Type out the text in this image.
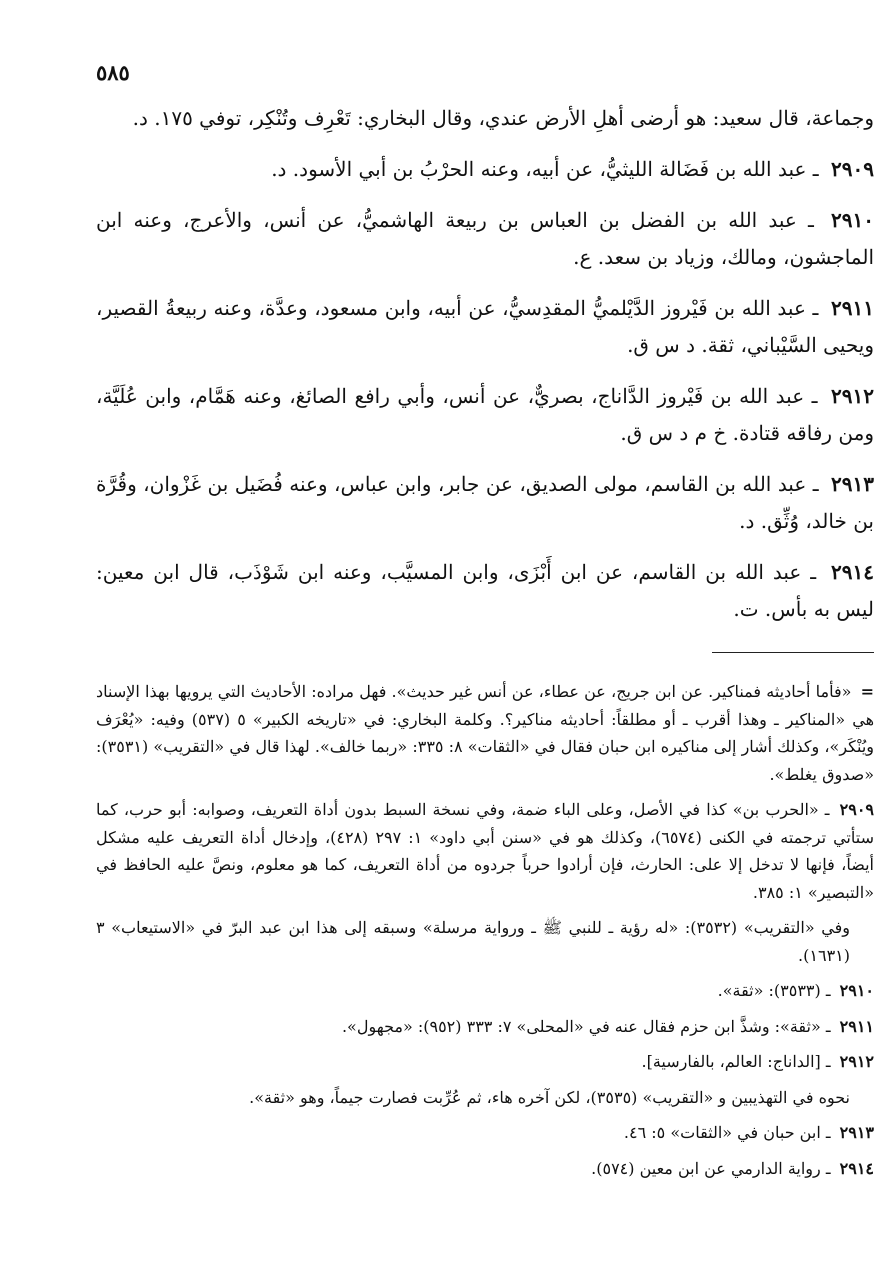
٥٨٥

وجماعة، قال سعيد: هو أرضى أهلِ الأرض عندي، وقال البخاري: تَعْرِف وتُنْكِر، توفي ١٧٥. د.

٢٩٠٩ ـ عبد الله بن فَضَالة الليثيُّ، عن أبيه، وعنه الحرْبُ بن أبي الأسود. د.

٢٩١٠ ـ عبد الله بن الفضل بن العباس بن ربيعة الهاشميُّ، عن أنس، والأعرج، وعنه ابن الماجشون، ومالك، وزياد بن سعد. ع.

٢٩١١ ـ عبد الله بن فَيْروز الدَّيْلميُّ المقدِسيُّ، عن أبيه، وابن مسعود، وعدَّة، وعنه ربيعةُ القصير، ويحيى السَّيْباني، ثقة. د س ق.

٢٩١٢ ـ عبد الله بن فَيْروز الدَّاناج، بصريٌّ، عن أنس، وأبي رافع الصائغ، وعنه هَمَّام، وابن عُلَيَّة، ومن رفاقه قتادة. خ م د س ق.

٢٩١٣ ـ عبد الله بن القاسم، مولى الصديق، عن جابر، وابن عباس، وعنه فُضَيل بن غَزْوان، وقُرَّة بن خالد، وُثِّق. د.

٢٩١٤ ـ عبد الله بن القاسم، عن ابن أَبْزَى، وابن المسيَّب، وعنه ابن شَوْذَب، قال ابن معين: ليس به بأس. ت.

= «فأما أحاديثه فمناكير. عن ابن جريج، عن عطاء، عن أنس غير حديث». فهل مراده: الأحاديث التي يرويها بهذا الإسناد هي «المناكير ـ وهذا أقرب ـ أو مطلقاً: أحاديثه مناكير؟. وكلمة البخاري: في «تاريخه الكبير» ٥ (٥٣٧) وفيه: «يُعْرَف ويُنْكَر»، وكذلك أشار إلى مناكيره ابن حبان فقال في «الثقات» ٨: ٣٣٥: «ربما خالف». لهذا قال في «التقريب» (٣٥٣١): «صدوق يغلط».

٢٩٠٩ ـ «الحرب بن» كذا في الأصل، وعلى الباء ضمة، وفي نسخة السبط بدون أداة التعريف، وصوابه: أبو حرب، كما ستأتي ترجمته في الكنى (٦٥٧٤)، وكذلك هو في «سنن أبي داود» ١: ٢٩٧ (٤٢٨)، وإدخال أداة التعريف عليه مشكل أيضاً، فإنها لا تدخل إلا على: الحارث، فإن أرادوا حرباً جردوه من أداة التعريف، كما هو معلوم، ونصَّ عليه الحافظ في «التبصير» ١: ٣٨٥.

وفي «التقريب» (٣٥٣٢): «له رؤية ـ للنبي ﷺ ـ ورواية مرسلة» وسبقه إلى هذا ابن عبد البرّ في «الاستيعاب» ٣ (١٦٣١).

٢٩١٠ ـ (٣٥٣٣): «ثقة».

٢٩١١ ـ «ثقة»: وشذَّ ابن حزم فقال عنه في «المحلى» ٧: ٣٣٣ (٩٥٢): «مجهول».

٢٩١٢ ـ [الداناج: العالم، بالفارسية].

نحوه في التهذيبين و «التقريب» (٣٥٣٥)، لكن آخره هاء، ثم عُرِّبت فصارت جيماً، وهو «ثقة».

٢٩١٣ ـ ابن حبان في «الثقات» ٥: ٤٦.

٢٩١٤ ـ رواية الدارمي عن ابن معين (٥٧٤).
